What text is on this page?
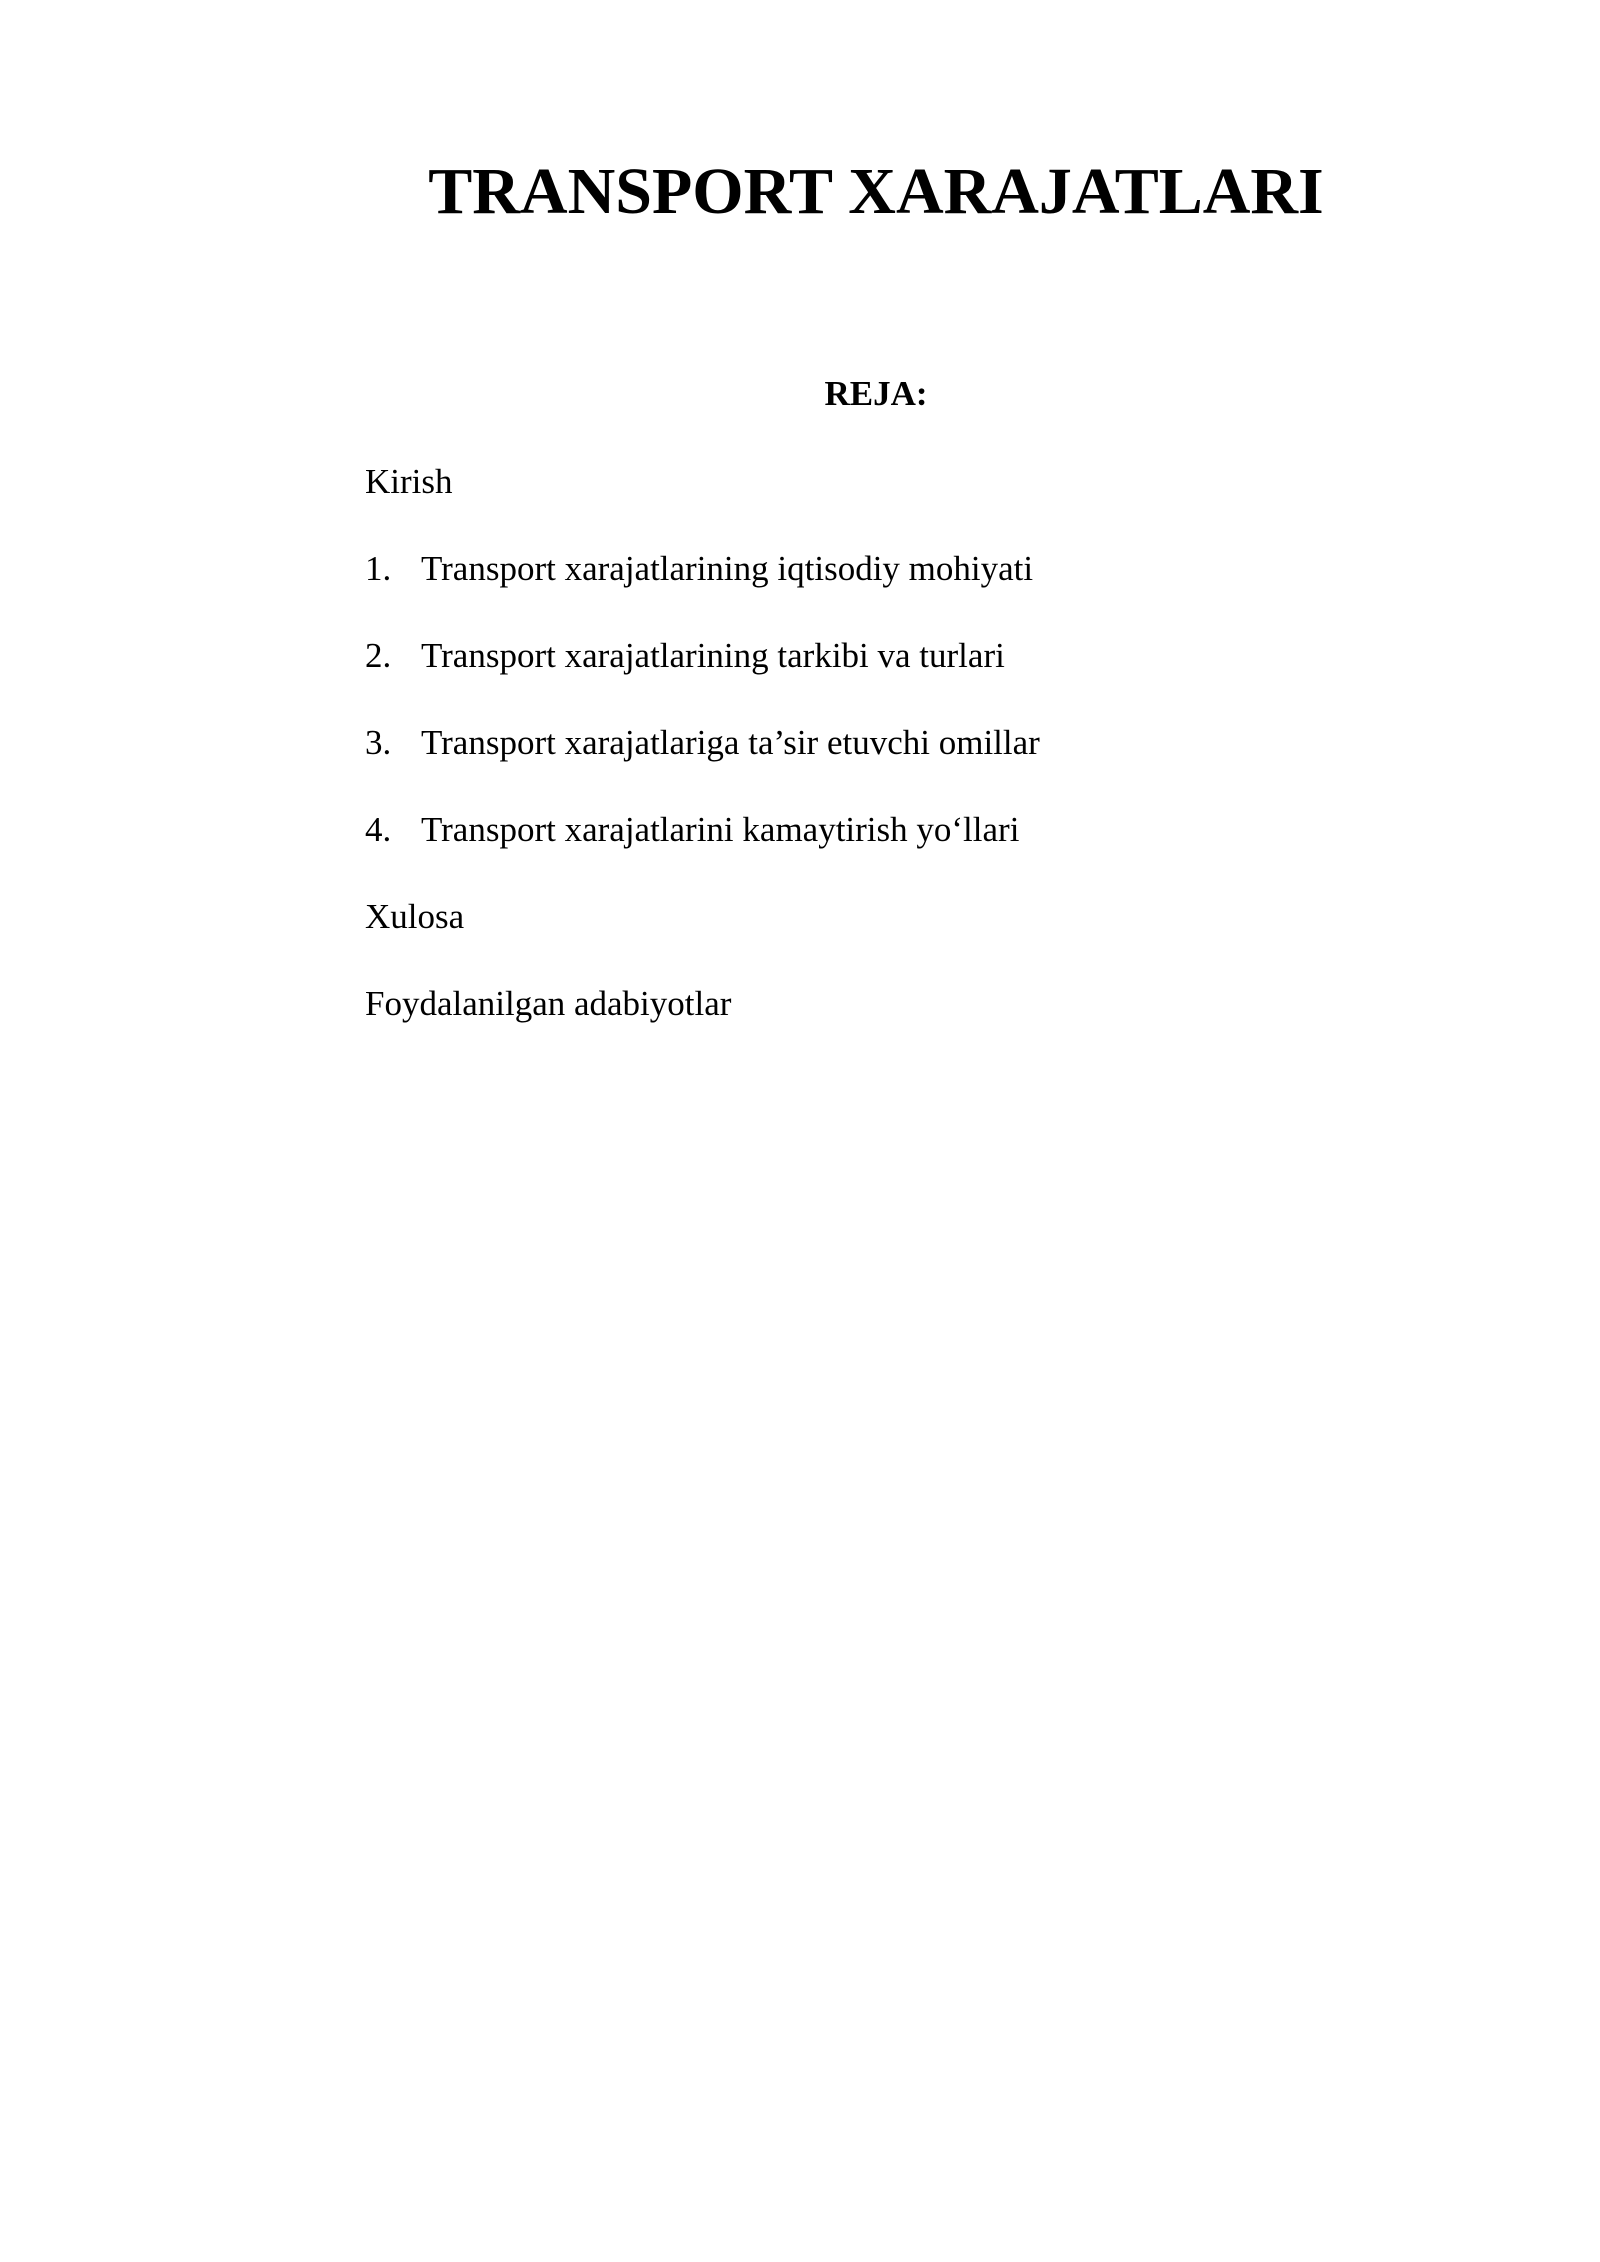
TRANSPORT XARAJATLARI
REJA:

Kirish

1. Transport xarajatlarining iqtisodiy mohiyati

2. Transport xarajatlarining tarkibi va turlari

3. Transport xarajatlariga ta’sir etuvchi omillar

4. Transport xarajatlarini kamaytirish yo‘llari

Xulosa

Foydalanilgan adabiyotlar
